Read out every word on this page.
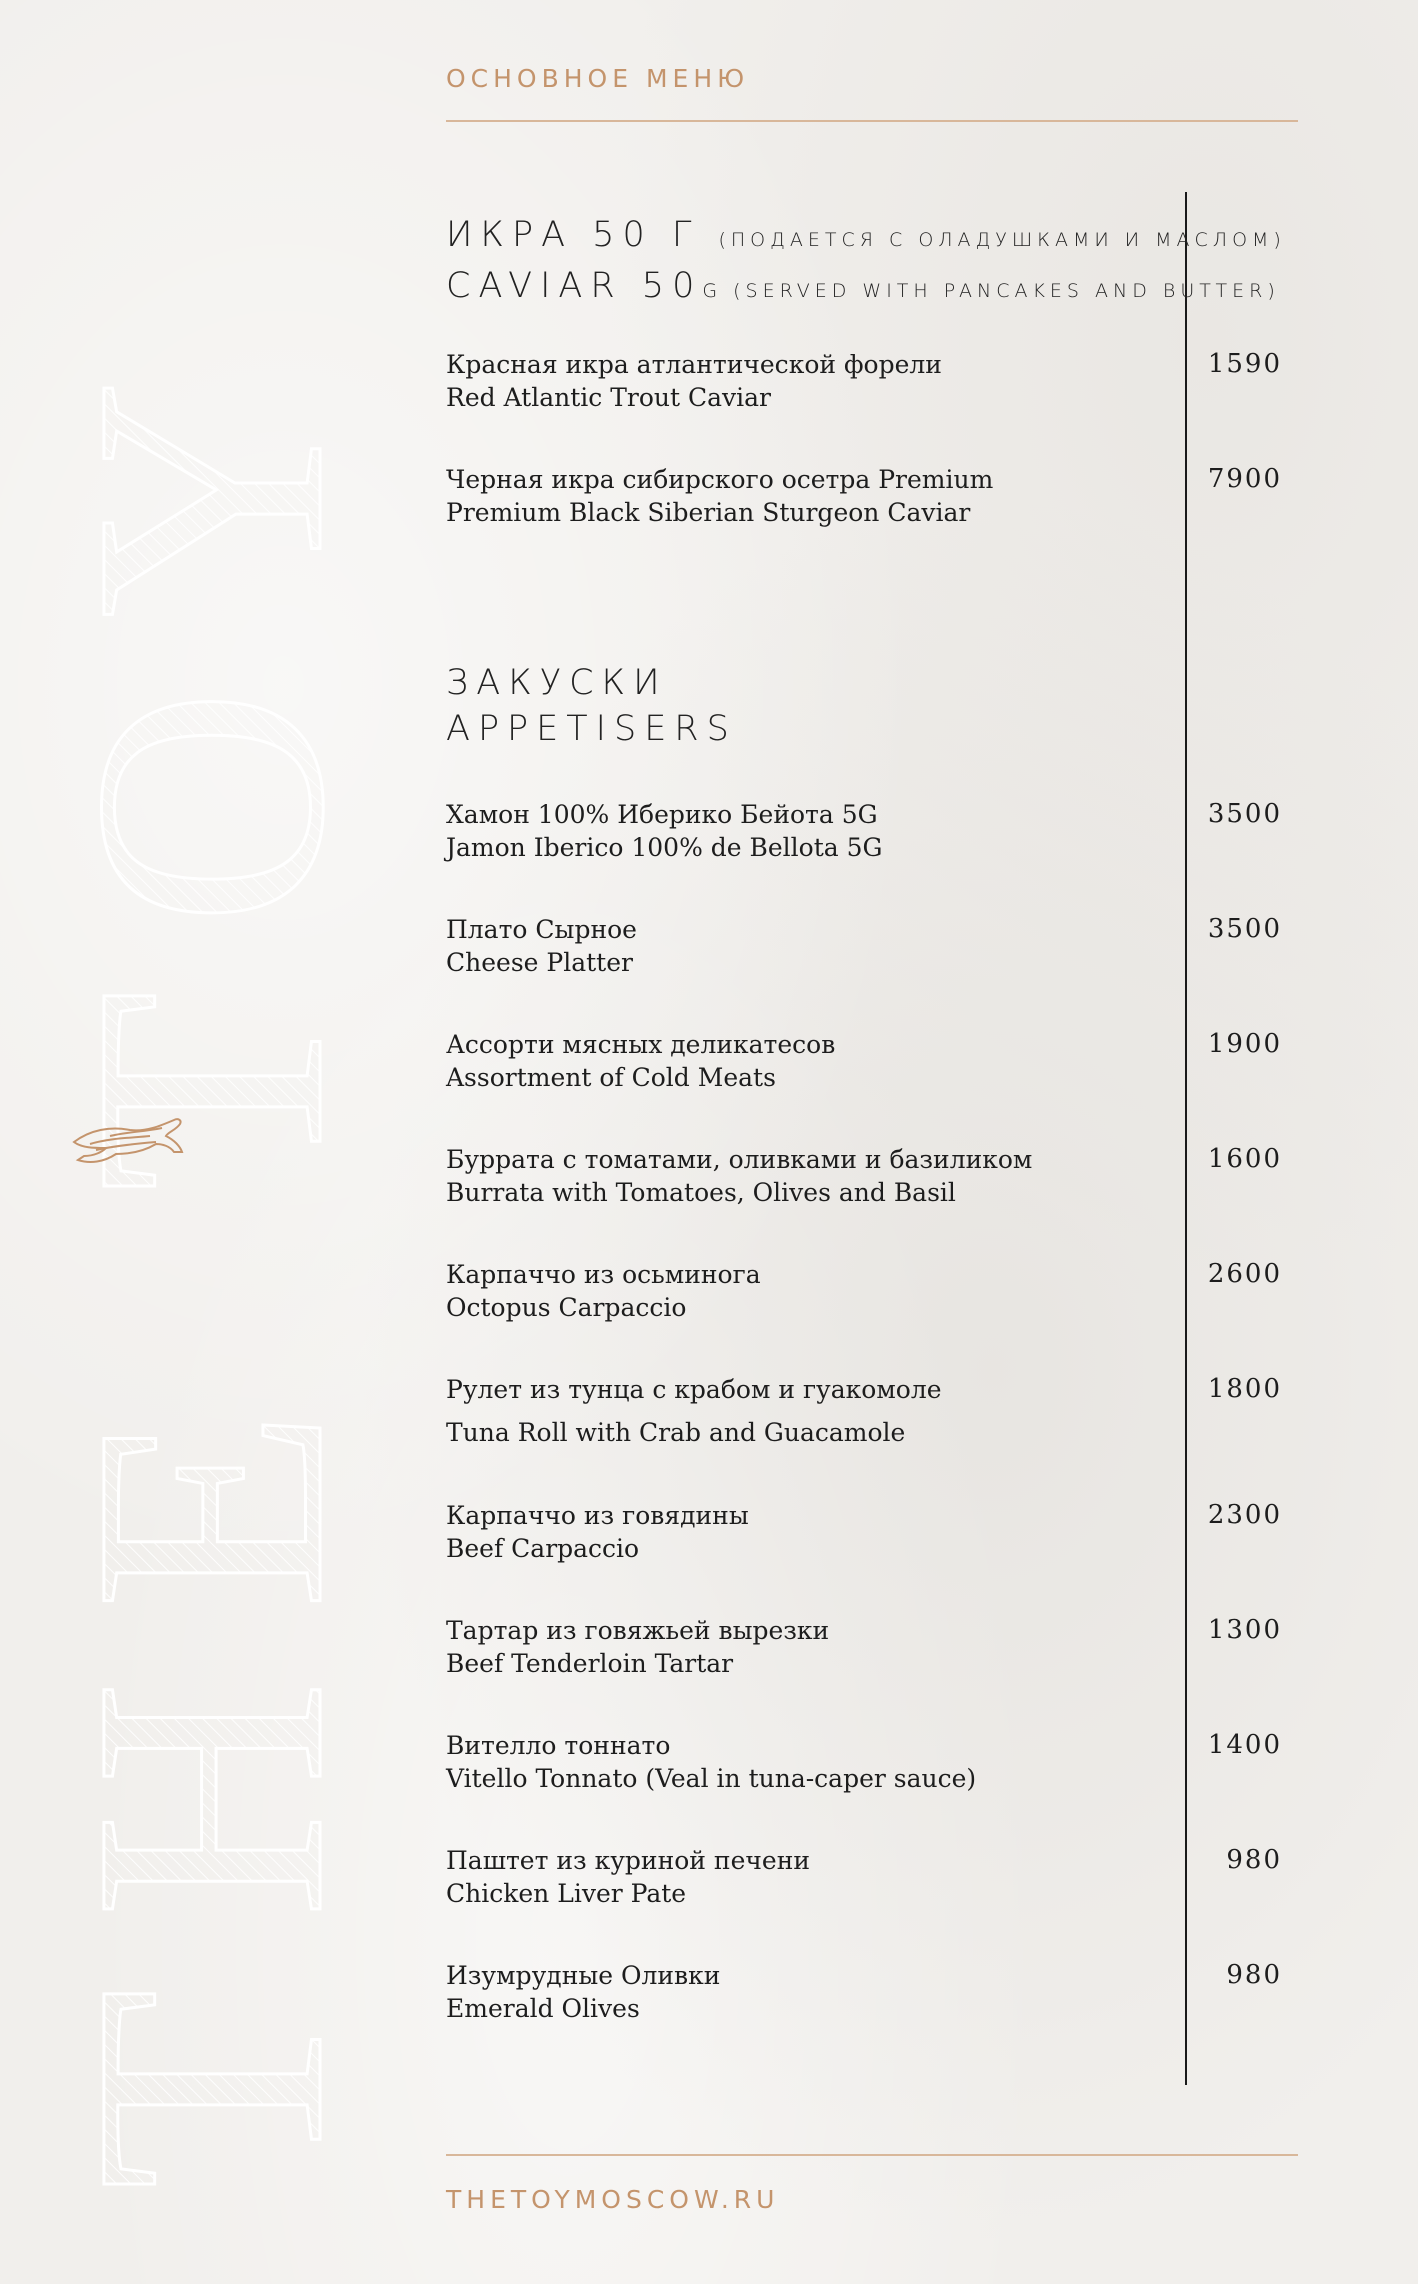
THE TOY
ОСНОВНОЕ МЕНЮ
ИКРА 50 Г (ПОДАЕТСЯ С ОЛАДУШКАМИ И МАСЛОМ)
CAVIAR 50G (SERVED WITH PANCAKES AND BUTTER)
Красная икра атлантической форели
Red Atlantic Trout Caviar
1590
Черная икра сибирского осетра Premium
Premium Black Siberian Sturgeon Caviar
7900
ЗАКУСКИ
APPETISERS
Хамон 100% Иберико Бейота 5G
Jamon Iberico 100% de Bellota 5G
3500
Плато Сырное
Cheese Platter
3500
Ассорти мясных деликатесов
Assortment of Cold Meats
1900
Буррата с томатами, оливками и базиликом
Burrata with Tomatoes, Olives and Basil
1600
Карпаччо из осьминога
Octopus Carpaccio
2600
Рулет из тунца с крабом и гуакомоле
Tuna Roll with Crab and Guacamole
1800
Карпаччо из говядины
Beef Carpaccio
2300
Тартар из говяжьей вырезки
Beef Tenderloin Tartar
1300
Вителло тоннато
Vitello Tonnato (Veal in tuna-caper sauce)
1400
Паштет из куриной печени
Chicken Liver Pate
980
Изумрудные Оливки
Emerald Olives
980
THETOYMOSCOW.RU
